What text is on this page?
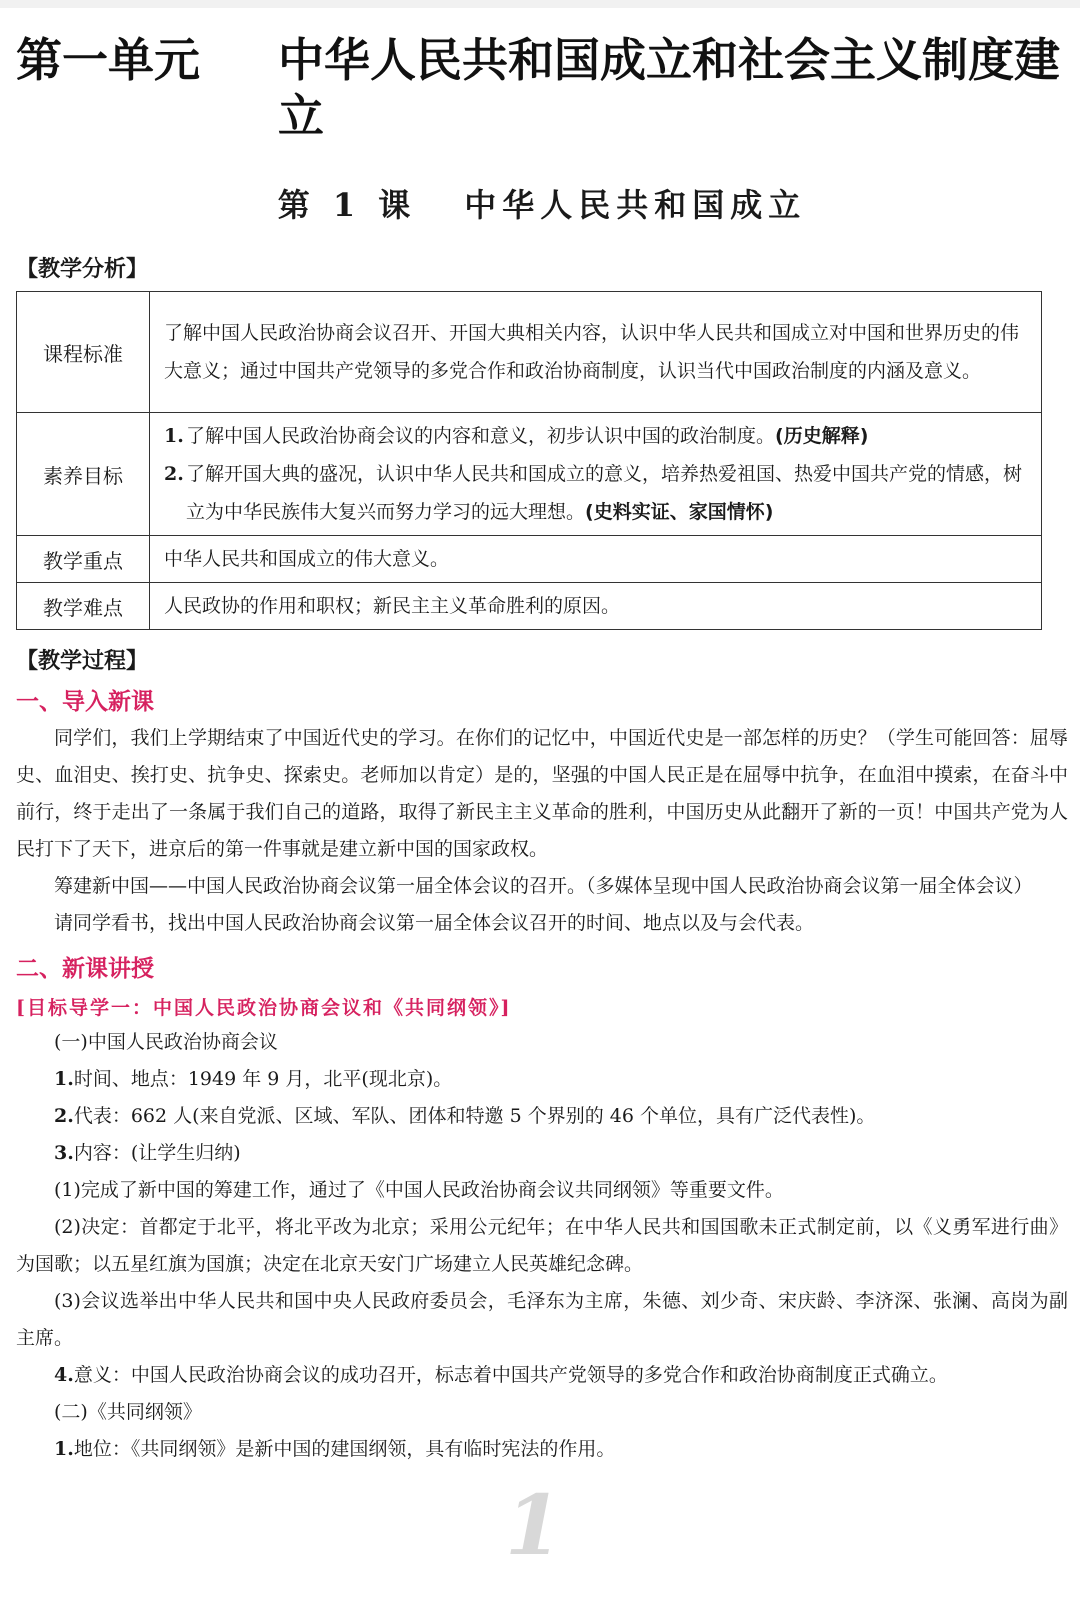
第一单元	中华人民共和国成立和社会主义制度建立
第 1 课 中华人民共和国成立
【教学分析】
课程标准	了解中国人民政治协商会议召开、开国大典相关内容，认识中华人民共和国成立对中国和世界历史的伟大意义；通过中国共产党领导的多党合作和政治协商制度，认识当代中国政治制度的内涵及意义。
素养目标	1. 了解中国人民政治协商会议的内容和意义，初步认识中国的政治制度。(历史解释)
2. 了解开国大典的盛况，认识中华人民共和国成立的意义，培养热爱祖国、热爱中国共产党的情感，树立为中华民族伟大复兴而努力学习的远大理想。(史料实证、家国情怀)

教学重点	中华人民共和国成立的伟大意义。
教学难点	人民政协的作用和职权；新民主主义革命胜利的原因。
【教学过程】
一、导入新课

同学们，我们上学期结束了中国近代史的学习。在你们的记忆中，中国近代史是一部怎样的历史？（学生可能回答：屈辱史、血泪史、挨打史、抗争史、探索史。老师加以肯定）是的，坚强的中国人民正是在屈辱中抗争，在血泪中摸索，在奋斗中前行，终于走出了一条属于我们自己的道路，取得了新民主主义革命的胜利，中国历史从此翻开了新的一页！中国共产党为人民打下了天下，进京后的第一件事就是建立新中国的国家政权。

筹建新中国——中国人民政治协商会议第一届全体会议的召开。（多媒体呈现中国人民政治协商会议第一届全体会议）

请同学看书，找出中国人民政治协商会议第一届全体会议召开的时间、地点以及与会代表。

二、新课讲授
[目标导学一：中国人民政治协商会议和《共同纲领》]

(一)中国人民政治协商会议

1.时间、地点：1949 年 9 月，北平(现北京)。

2.代表：662 人(来自党派、区域、军队、团体和特邀 5 个界别的 46 个单位，具有广泛代表性)。

3.内容：(让学生归纳)

(1)完成了新中国的筹建工作，通过了《中国人民政治协商会议共同纲领》等重要文件。

(2)决定：首都定于北平，将北平改为北京；采用公元纪年；在中华人民共和国国歌未正式制定前，以《义勇军进行曲》为国歌；以五星红旗为国旗；决定在北京天安门广场建立人民英雄纪念碑。

(3)会议选举出中华人民共和国中央人民政府委员会，毛泽东为主席，朱德、刘少奇、宋庆龄、李济深、张澜、高岗为副主席。

4.意义：中国人民政治协商会议的成功召开，标志着中国共产党领导的多党合作和政治协商制度正式确立。

(二)《共同纲领》

1.地位：《共同纲领》是新中国的建国纲领，具有临时宪法的作用。

1
